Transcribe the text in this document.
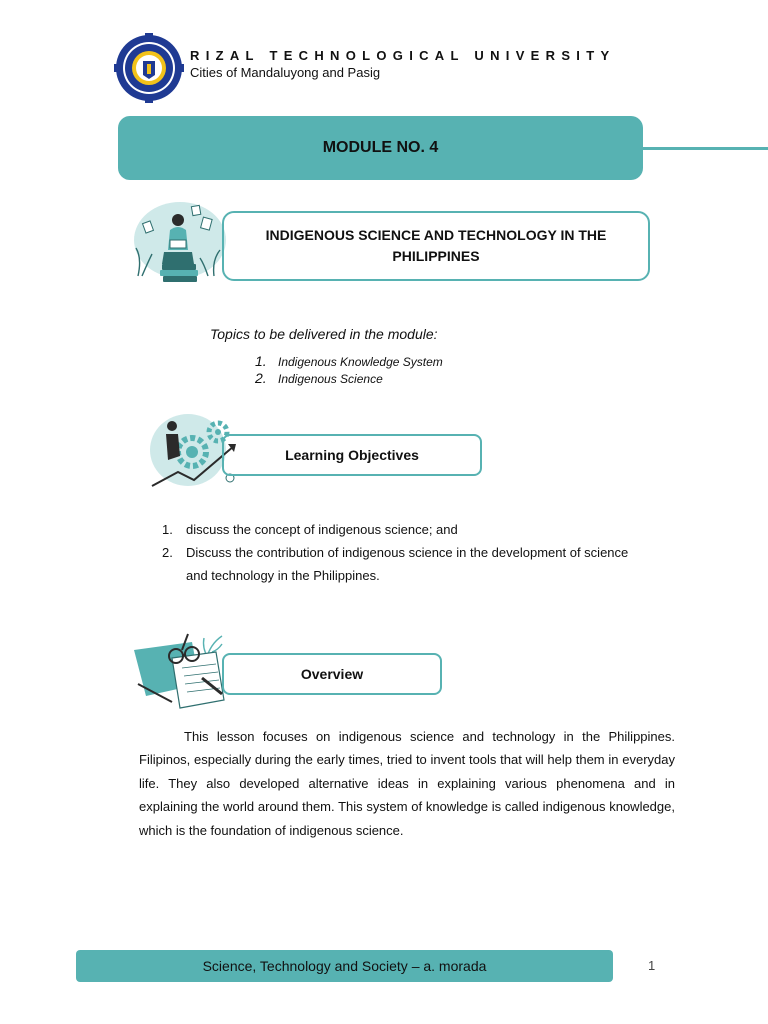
RIZAL TECHNOLOGICAL UNIVERSITY
Cities of Mandaluyong and Pasig
MODULE NO. 4
INDIGENOUS SCIENCE AND TECHNOLOGY IN THE PHILIPPINES
Topics to be delivered in the module:
1. Indigenous Knowledge System
2. Indigenous Science
Learning Objectives
1. discuss the concept of indigenous science; and
2. Discuss the contribution of indigenous science in the development of science
and technology in the Philippines.
Overview
This lesson focuses on indigenous science and technology in the Philippines. Filipinos, especially during the early times, tried to invent tools that will help them in everyday life. They also developed alternative ideas in explaining various phenomena and in explaining the world around them. This system of knowledge is called indigenous knowledge, which is the foundation of indigenous science.
Science, Technology and Society – a. morada	1
